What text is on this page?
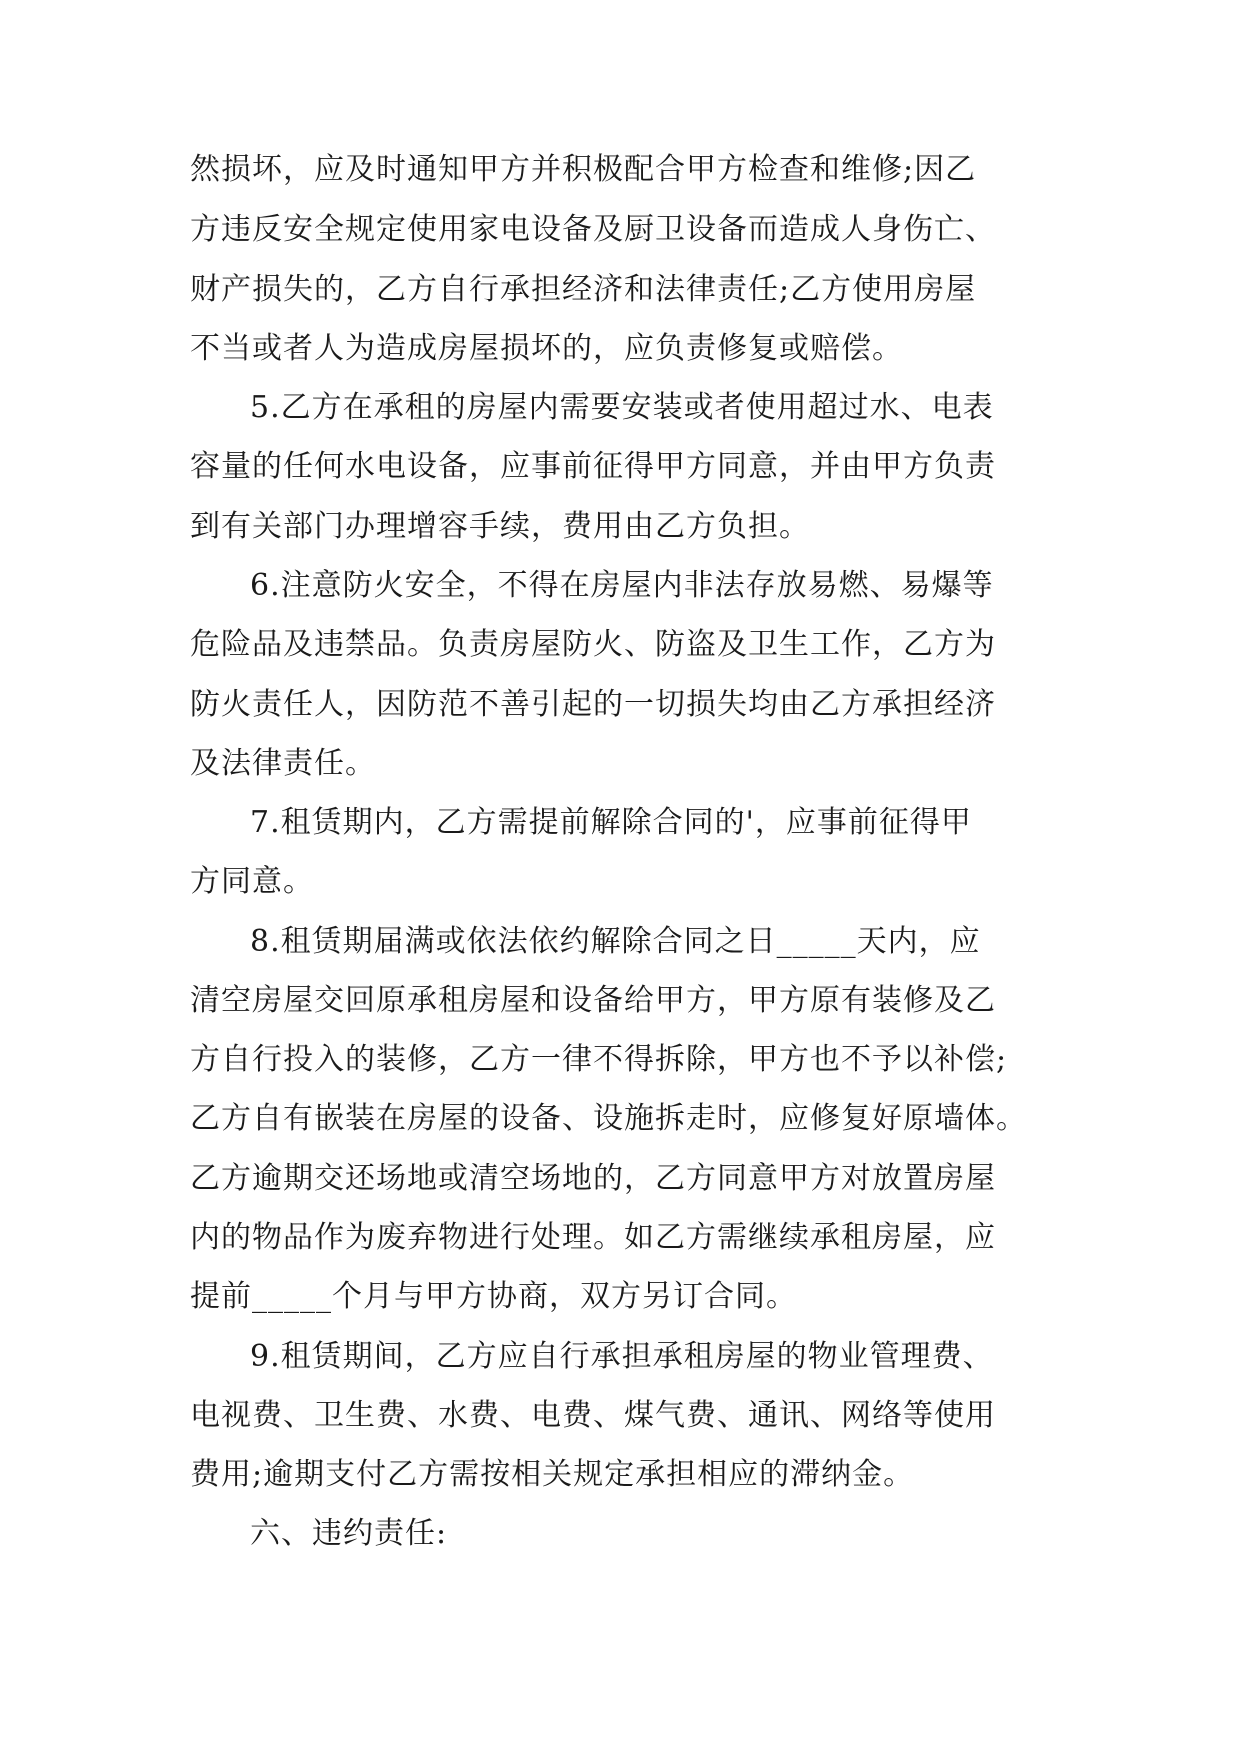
然损坏，应及时通知甲方并积极配合甲方检查和维修;因乙
方违反安全规定使用家电设备及厨卫设备而造成人身伤亡、
财产损失的，乙方自行承担经济和法律责任;乙方使用房屋
不当或者人为造成房屋损坏的，应负责修复或赔偿。
5.乙方在承租的房屋内需要安装或者使用超过水、电表
容量的任何水电设备，应事前征得甲方同意，并由甲方负责
到有关部门办理增容手续，费用由乙方负担。
6.注意防火安全，不得在房屋内非法存放易燃、易爆等
危险品及违禁品。负责房屋防火、防盗及卫生工作，乙方为
防火责任人，因防范不善引起的一切损失均由乙方承担经济
及法律责任。
7.租赁期内，乙方需提前解除合同的'，应事前征得甲
方同意。
8.租赁期届满或依法依约解除合同之日_____天内，应
清空房屋交回原承租房屋和设备给甲方，甲方原有装修及乙
方自行投入的装修，乙方一律不得拆除，甲方也不予以补偿;
乙方自有嵌装在房屋的设备、设施拆走时，应修复好原墙体。
乙方逾期交还场地或清空场地的，乙方同意甲方对放置房屋
内的物品作为废弃物进行处理。如乙方需继续承租房屋，应
提前_____个月与甲方协商，双方另订合同。
9.租赁期间，乙方应自行承担承租房屋的物业管理费、
电视费、卫生费、水费、电费、煤气费、通讯、网络等使用
费用;逾期支付乙方需按相关规定承担相应的滞纳金。
六、违约责任:
